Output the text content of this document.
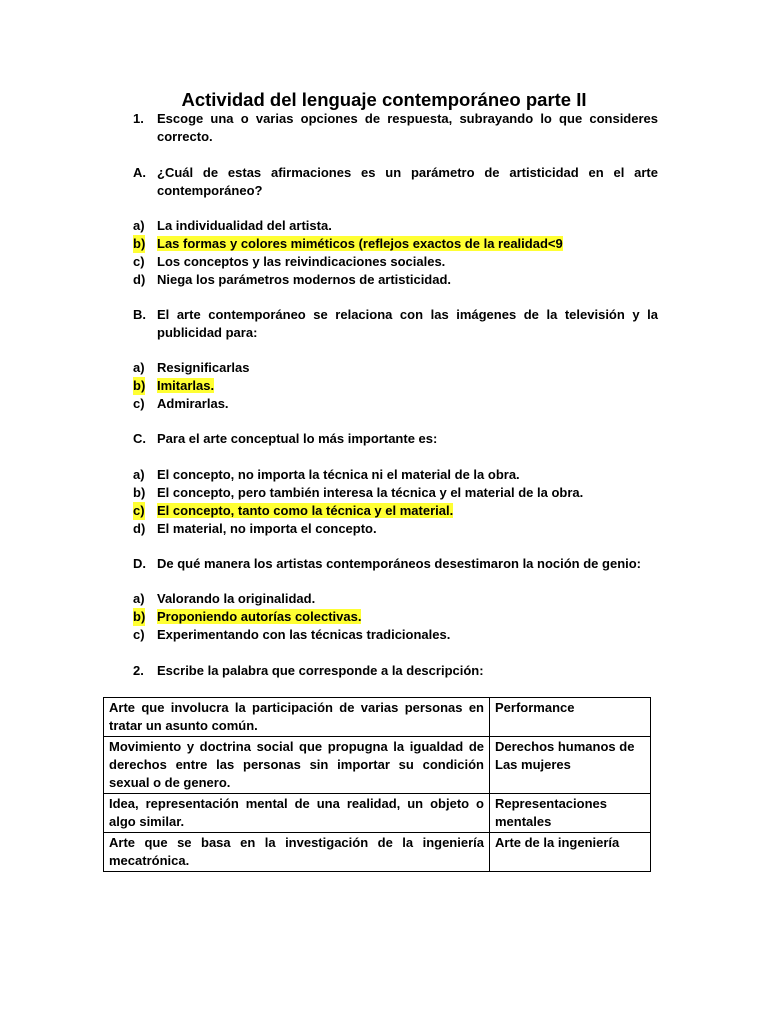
Actividad del lenguaje contemporáneo parte II
1. Escoge una o varias opciones de respuesta, subrayando lo que consideres correcto.
A. ¿Cuál de estas afirmaciones es un parámetro de artisticidad en el arte contemporáneo?
a) La individualidad del artista.
b) Las formas y colores miméticos (reflejos exactos de la realidad<9
c) Los conceptos y las reivindicaciones sociales.
d) Niega los parámetros modernos de artisticidad.
B. El arte contemporáneo se relaciona con las imágenes de la televisión y la publicidad para:
a) Resignificarlas
b) Imitarlas.
c) Admirarlas.
C. Para el arte conceptual lo más importante es:
a) El concepto, no importa la técnica ni el material de la obra.
b) El concepto, pero también interesa la técnica y el material de la obra.
c) El concepto, tanto como la técnica y el material.
d) El material, no importa el concepto.
D. De qué manera los artistas contemporáneos desestimaron la noción de genio:
a) Valorando la originalidad.
b) Proponiendo autorías colectivas.
c) Experimentando con las técnicas tradicionales.
2. Escribe la palabra que corresponde a la descripción:
Arte que involucra la participación de varias personas en tratar un asunto común.	Performance
Movimiento y doctrina social que propugna la igualdad de derechos entre las personas sin importar su condición sexual o de genero.	Derechos humanos de Las mujeres
Idea, representación mental de una realidad, un objeto o algo similar.	Representaciones mentales
Arte que se basa en la investigación de la ingeniería mecatrónica.	Arte de la ingeniería
